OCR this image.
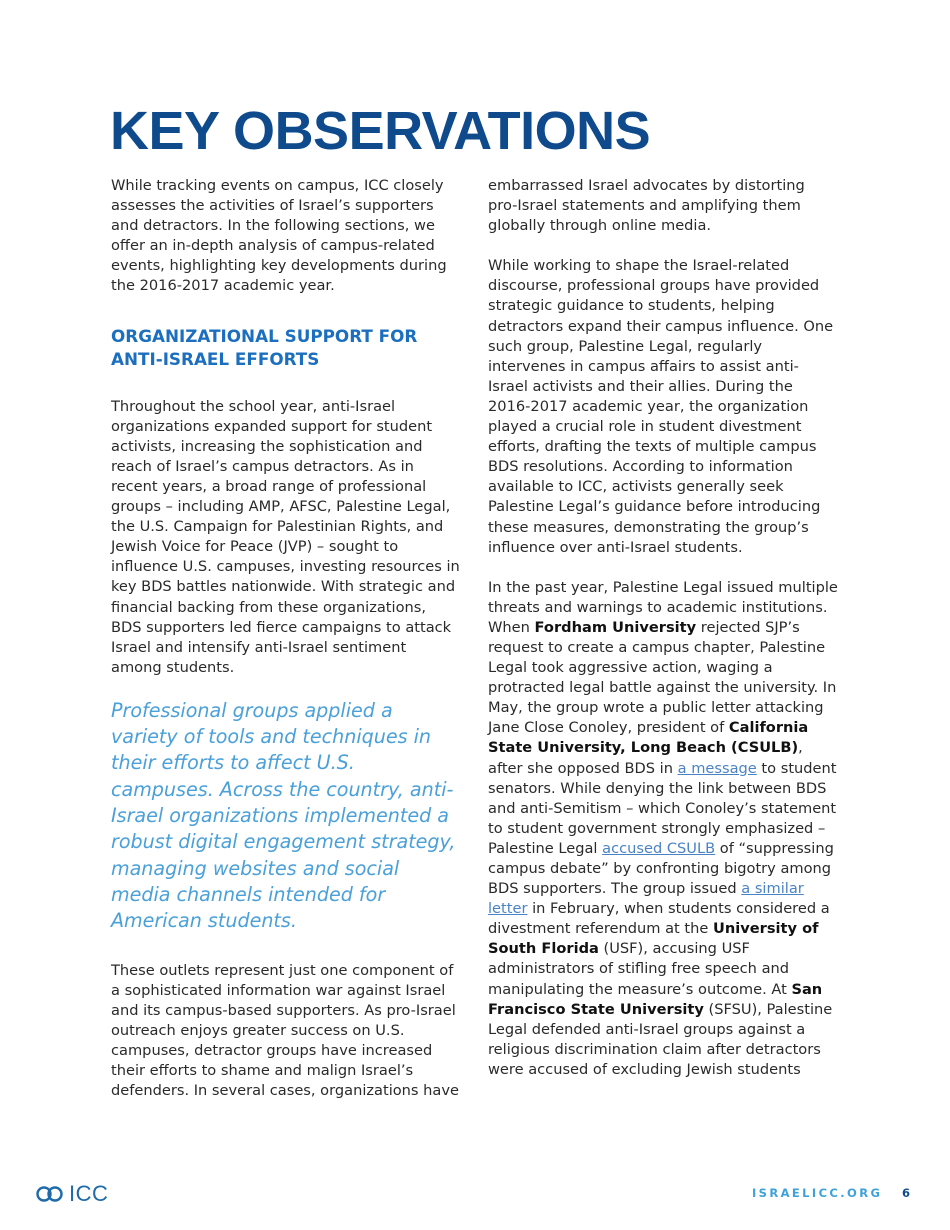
KEY OBSERVATIONS

While tracking events on campus, ICC closely assesses the activities of Israel’s supporters and detractors. In the following sections, we offer an in-depth analysis of campus-related events, highlighting key developments during the 2016-2017 academic year.

ORGANIZATIONAL SUPPORT FOR ANTI-ISRAEL EFFORTS

Throughout the school year, anti-Israel organizations expanded support for student activists, increasing the sophistication and reach of Israel’s campus detractors. As in recent years, a broad range of professional groups – including AMP, AFSC, Palestine Legal, the U.S. Campaign for Palestinian Rights, and Jewish Voice for Peace (JVP) – sought to influence U.S. campuses, investing resources in key BDS battles nationwide. With strategic and financial backing from these organizations, BDS supporters led fierce campaigns to attack Israel and intensify anti-Israel sentiment among students.

Professional groups applied a variety of tools and techniques in their efforts to affect U.S. campuses. Across the country, anti-Israel organizations implemented a robust digital engagement strategy, managing websites and social media channels intended for American students.

These outlets represent just one component of a sophisticated information war against Israel and its campus-based supporters. As pro-Israel outreach enjoys greater success on U.S. campuses, detractor groups have increased their efforts to shame and malign Israel’s defenders. In several cases, organizations have

embarrassed Israel advocates by distorting pro-Israel statements and amplifying them globally through online media.

While working to shape the Israel-related discourse, professional groups have provided strategic guidance to students, helping detractors expand their campus influence. One such group, Palestine Legal, regularly intervenes in campus affairs to assist anti-Israel activists and their allies. During the 2016-2017 academic year, the organization played a crucial role in student divestment efforts, drafting the texts of multiple campus BDS resolutions. According to information available to ICC, activists generally seek Palestine Legal’s guidance before introducing these measures, demonstrating the group’s influence over anti-Israel students.

In the past year, Palestine Legal issued multiple threats and warnings to academic institutions. When Fordham University rejected SJP’s request to create a campus chapter, Palestine Legal took aggressive action, waging a protracted legal battle against the university. In May, the group wrote a public letter attacking Jane Close Conoley, president of California State University, Long Beach (CSULB), after she opposed BDS in a message to student senators. While denying the link between BDS and anti-Semitism – which Conoley’s statement to student government strongly emphasized – Palestine Legal accused CSULB of “suppressing campus debate” by confronting bigotry among BDS supporters. The group issued a similar letter in February, when students considered a divestment referendum at the University of South Florida (USF), accusing USF administrators of stifling free speech and manipulating the measure’s outcome. At San Francisco State University (SFSU), Palestine Legal defended anti-Israel groups against a religious discrimination claim after detractors were accused of excluding Jewish students

ICC	ISRAELICC.ORG 6
